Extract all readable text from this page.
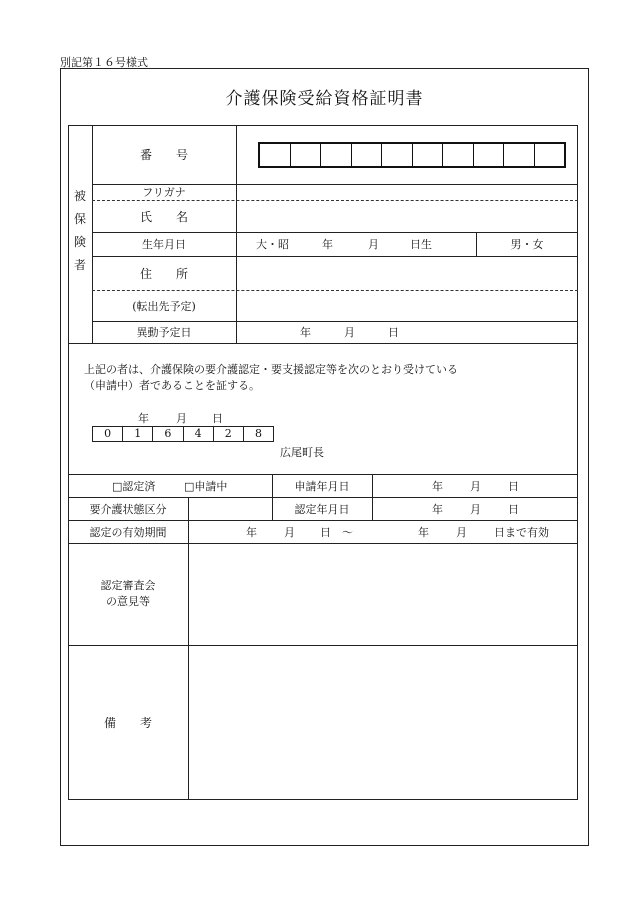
別記第１６号様式
介護保険受給資格証明書
被
保
険
者
番　　号
フリガナ
氏　　名
生年月日	大・昭	年	月	日生	男・女
住　　所
(転出先予定)
異動予定日	年	月	日
上記の者は、介護保険の要介護認定・要支援認定等を次のとおり受けている
（申請中）者であることを証する。
年 月 日
0	1	6	4	2	8
広尾町長
□認定済	□申請中	申請年月日	年 月 日
要介護状態区分	認定年月日	年 月 日
認定の有効期間	年 月 日　～	年 月 日まで有効
認定審査会
の意見等
備　　考
